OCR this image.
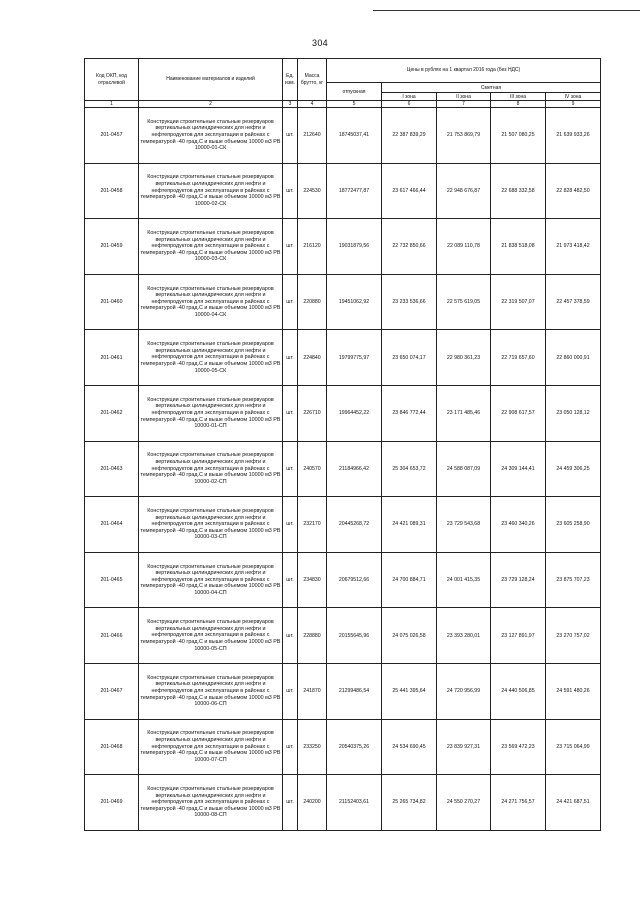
304
Код ОКП, код отраслевой	Наименование материалов и изделий	Ед. изм.	Масса брутто, кг	Цены в рублях на 1 квартал 2016 года (без НДС)				
				отпускная	Сметная			
					I зона	II зона	III зона	IV зона
1	2	3	4	5	6	7	8	9
201-0457	Конструкции строительные стальные резервуаров вертикальных цилиндрических для нефти и нефтепродуктов для эксплуатации в районах с температурой -40 град.С и выше объемом 10000 м3 РВ 10000-01-СК	шт.	212640	18745037,41	22 387 839,29	21 753 869,79	21 507 080,25	21 639 933,26
201-0458	Конструкции строительные стальные резервуаров вертикальных цилиндрических для нефти и нефтепродуктов для эксплуатации в районах с температурой -40 град.С и выше объемом 10000 м3 РВ 10000-02-СК	шт.	224530	18772477,87	23 617 466,44	22 948 676,87	22 688 332,58	22 828 482,50
201-0459	Конструкции строительные стальные резервуаров вертикальных цилиндрических для нефти и нефтепродуктов для эксплуатации в районах с температурой -40 град.С и выше объемом 10000 м3 РВ 10000-03-СК	шт.	216120	19031879,56	22 732 850,66	22 089 110,78	21 838 518,08	21 973 418,42
201-0460	Конструкции строительные стальные резервуаров вертикальных цилиндрических для нефти и нефтепродуктов для эксплуатации в районах с температурой -40 град.С и выше объемом 10000 м3 РВ 10000-04-СК	шт.	220880	19451062,92	23 233 536,66	22 575 619,05	22 319 507,07	22 457 378,59
201-0461	Конструкции строительные стальные резервуаров вертикальных цилиндрических для нефти и нефтепродуктов для эксплуатации в районах с температурой -40 град.С и выше объемом 10000 м3 РВ 10000-05-СК	шт.	224840	19799775,97	23 650 074,17	22 980 361,23	22 719 657,60	22 860 000,91
201-0462	Конструкции строительные стальные резервуаров вертикальных цилиндрических для нефти и нефтепродуктов для эксплуатации в районах с температурой -40 град.С и выше объемом 10000 м3 РВ 10000-01-СП	шт.	226710	19964452,22	23 846 772,44	23 171 485,46	22 908 617,57	23 050 128,12
201-0463	Конструкции строительные стальные резервуаров вертикальных цилиндрических для нефти и нефтепродуктов для эксплуатации в районах с температурой -40 град.С и выше объемом 10000 м3 РВ 10000-02-СП	шт.	240570	21184966,42	25 304 653,72	24 588 087,09	24 309 144,41	24 459 306,25
201-0464	Конструкции строительные стальные резервуаров вертикальных цилиндрических для нефти и нефтепродуктов для эксплуатации в районах с температурой -40 град.С и выше объемом 10000 м3 РВ 10000-03-СП	шт.	232170	20445268,72	24 421 089,31	23 729 543,68	23 460 340,26	23 605 258,90
201-0465	Конструкции строительные стальные резервуаров вертикальных цилиндрических для нефти и нефтепродуктов для эксплуатации в районах с температурой -40 град.С и выше объемом 10000 м3 РВ 10000-04-СП	шт.	234830	20679512,66	24 700 884,71	24 001 415,35	23 729 128,24	23 875 707,23
201-0466	Конструкции строительные стальные резервуаров вертикальных цилиндрических для нефти и нефтепродуктов для эксплуатации в районах с температурой -40 град.С и выше объемом 10000 м3 РВ 10000-05-СП	шт.	228880	20155645,96	24 075 026,58	23 393 280,01	23 127 891,97	23 270 757,02
201-0467	Конструкции строительные стальные резервуаров вертикальных цилиндрических для нефти и нефтепродуктов для эксплуатации в районах с температурой -40 град.С и выше объемом 10000 м3 РВ 10000-06-СП	шт.	241870	21299486,54	25 441 395,64	24 720 956,99	24 440 506,85	24 591 480,26
201-0468	Конструкции строительные стальные резервуаров вертикальных цилиндрических для нефти и нефтепродуктов для эксплуатации в районах с температурой -40 град.С и выше объемом 10000 м3 РВ 10000-07-СП	шт.	233250	20540375,26	24 534 690,45	23 839 927,31	23 569 472,23	23 715 064,99
201-0469	Конструкции строительные стальные резервуаров вертикальных цилиндрических для нефти и нефтепродуктов для эксплуатации в районах с температурой -40 град.С и выше объемом 10000 м3 РВ 10000-08-СП	шт.	240200	21152403,61	25 265 734,82	24 550 270,27	24 271 756,57	24 421 687,51
